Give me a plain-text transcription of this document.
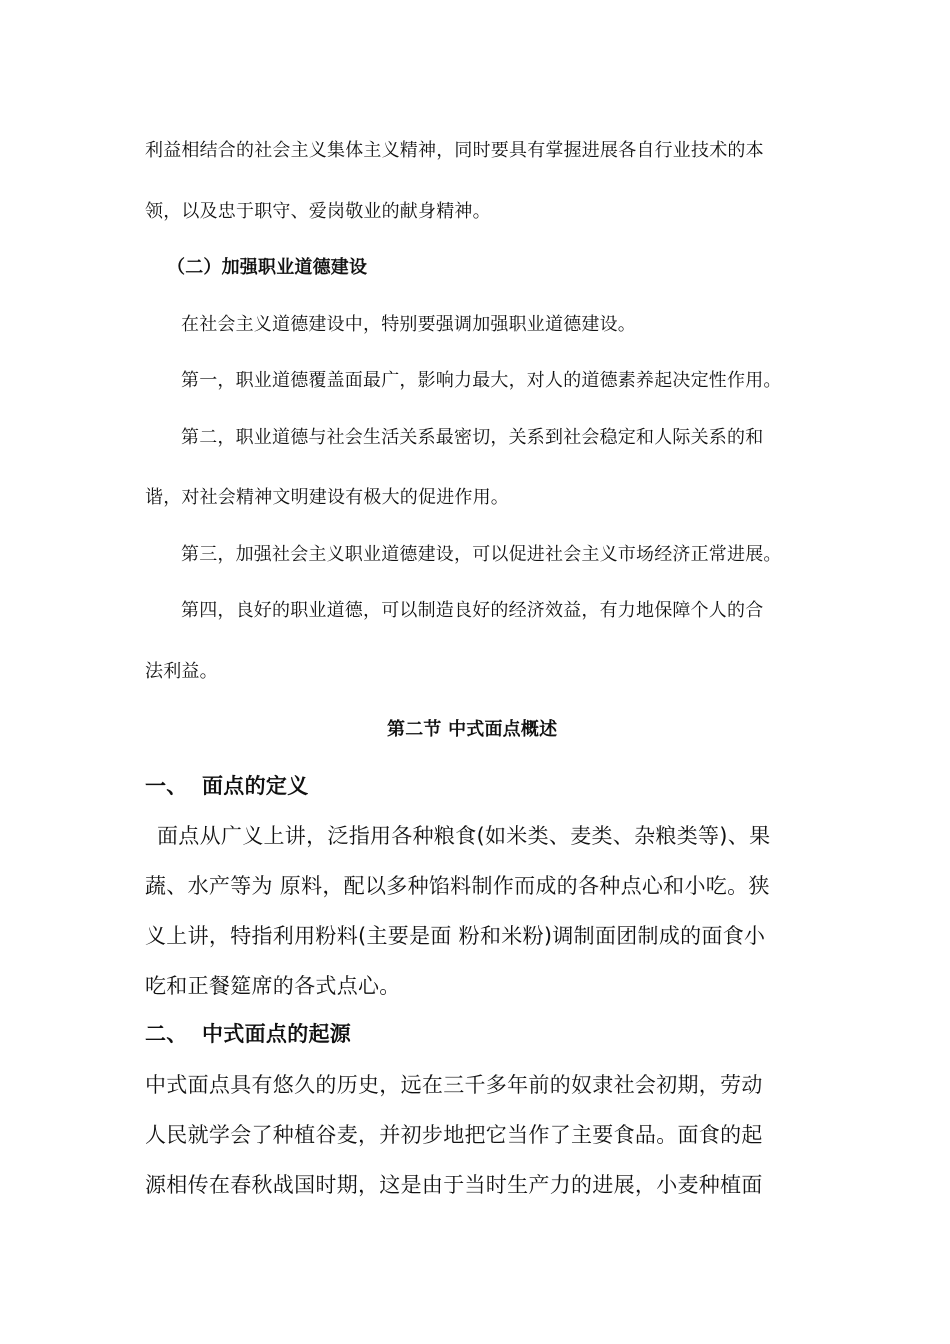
利益相结合的社会主义集体主义精神，同时要具有掌握进展各自行业技术的本
领，以及忠于职守、爱岗敬业的献身精神。
（二）加强职业道德建设
在社会主义道德建设中，特别要强调加强职业道德建设。
第一，职业道德覆盖面最广，影响力最大，对人的道德素养起决定性作用。
第二，职业道德与社会生活关系最密切，关系到社会稳定和人际关系的和
谐，对社会精神文明建设有极大的促进作用。
第三，加强社会主义职业道德建设，可以促进社会主义市场经济正常进展。
第四，良好的职业道德，可以制造良好的经济效益，有力地保障个人的合
法利益。
第二节 中式面点概述
一、 面点的定义
面点从广义上讲，泛指用各种粮食(如米类、麦类、杂粮类等)、果
蔬、水产等为 原料，配以多种馅料制作而成的各种点心和小吃。狭
义上讲，特指利用粉料(主要是面 粉和米粉)调制面团制成的面食小
吃和正餐筵席的各式点心。
二、 中式面点的起源
中式面点具有悠久的历史，远在三千多年前的奴隶社会初期，劳动
人民就学会了种植谷麦，并初步地把它当作了主要食品。面食的起
源相传在春秋战国时期，这是由于当时生产力的进展，小麦种植面
